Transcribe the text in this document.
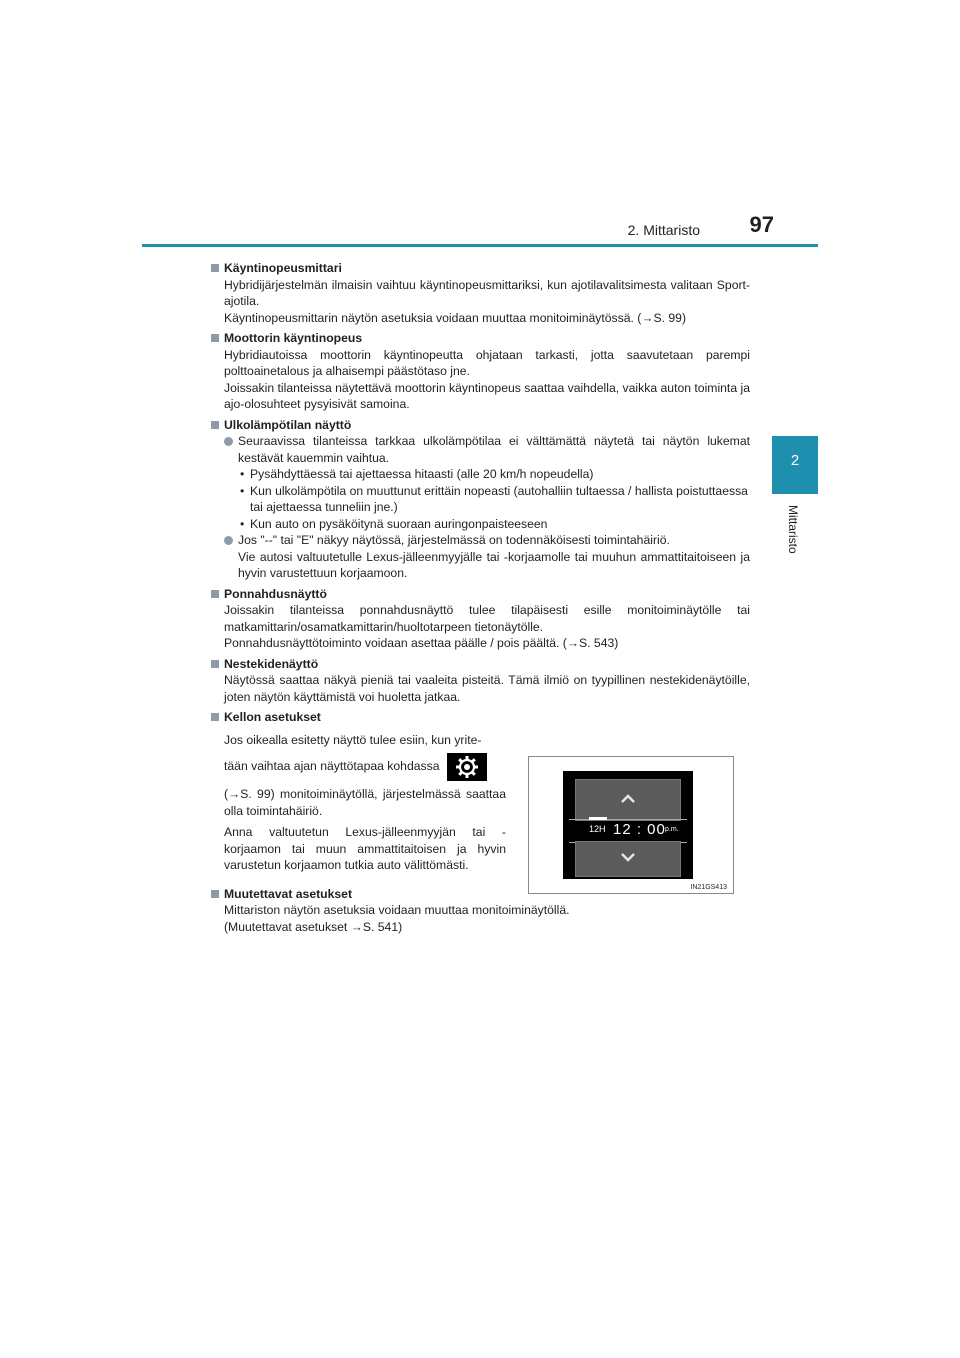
2. Mittaristo 97
2
Mittaristo
Käyntinopeusmittari
Hybridijärjestelmän ilmaisin vaihtuu käyntinopeusmittariksi, kun ajotilavalitsimesta valitaan Sport-ajotila.
Käyntinopeusmittarin näytön asetuksia voidaan muuttaa monitoiminäytössä. (→S. 99)
Moottorin käyntinopeus
Hybridiautoissa moottorin käyntinopeutta ohjataan tarkasti, jotta saavutetaan parempi polttoainetalous ja alhaisempi päästötaso jne.
Joissakin tilanteissa näytettävä moottorin käyntinopeus saattaa vaihdella, vaikka auton toiminta ja ajo-olosuhteet pysyisivät samoina.
Ulkolämpötilan näyttö
Seuraavissa tilanteissa tarkkaa ulkolämpötilaa ei välttämättä näytetä tai näytön lukemat kestävät kauemmin vaihtua.
• Pysähdyttäessä tai ajettaessa hitaasti (alle 20 km/h nopeudella)
• Kun ulkolämpötila on muuttunut erittäin nopeasti (autohalliin tultaessa / hallista poistuttaessa tai ajettaessa tunneliin jne.)
• Kun auto on pysäköitynä suoraan auringonpaisteeseen
Jos "--" tai "E" näkyy näytössä, järjestelmässä on todennäköisesti toimintahäiriö.
Vie autosi valtuutetulle Lexus-jälleenmyyjälle tai -korjaamolle tai muuhun ammattitaitoiseen ja hyvin varustettuun korjaamoon.
Ponnahdusnäyttö
Joissakin tilanteissa ponnahdusnäyttö tulee tilapäisesti esille monitoiminäytölle tai matkamittarin/osamatkamittarin/huoltotarpeen tietonäytölle.
Ponnahdusnäyttötoiminto voidaan asettaa päälle / pois päältä. (→S. 543)
Nestekidenäyttö
Näytössä saattaa näkyä pieniä tai vaaleita pisteitä. Tämä ilmiö on tyypillinen nestekidenäytöille, joten näytön käyttämistä voi huoletta jatkaa.
Kellon asetukset

Jos oikealla esitetty näyttö tulee esiin, kun yrite-

tään vaihtaa ajan näyttötapaa kohdassa

(→S. 99) monitoiminäytöllä, järjestelmässä saattaa olla toimintahäiriö.

Anna valtuutetun Lexus-jälleenmyyjän tai -korjaamon tai muun ammattitaitoisen ja hyvin varustetun korjaamon tutkia auto välittömästi.

Muutettavat asetukset
Mittariston näytön asetuksia voidaan muuttaa monitoiminäytöllä.
(Muutettavat asetukset →S. 541)
12H 12 : 00 p.m.
IN21GS413
